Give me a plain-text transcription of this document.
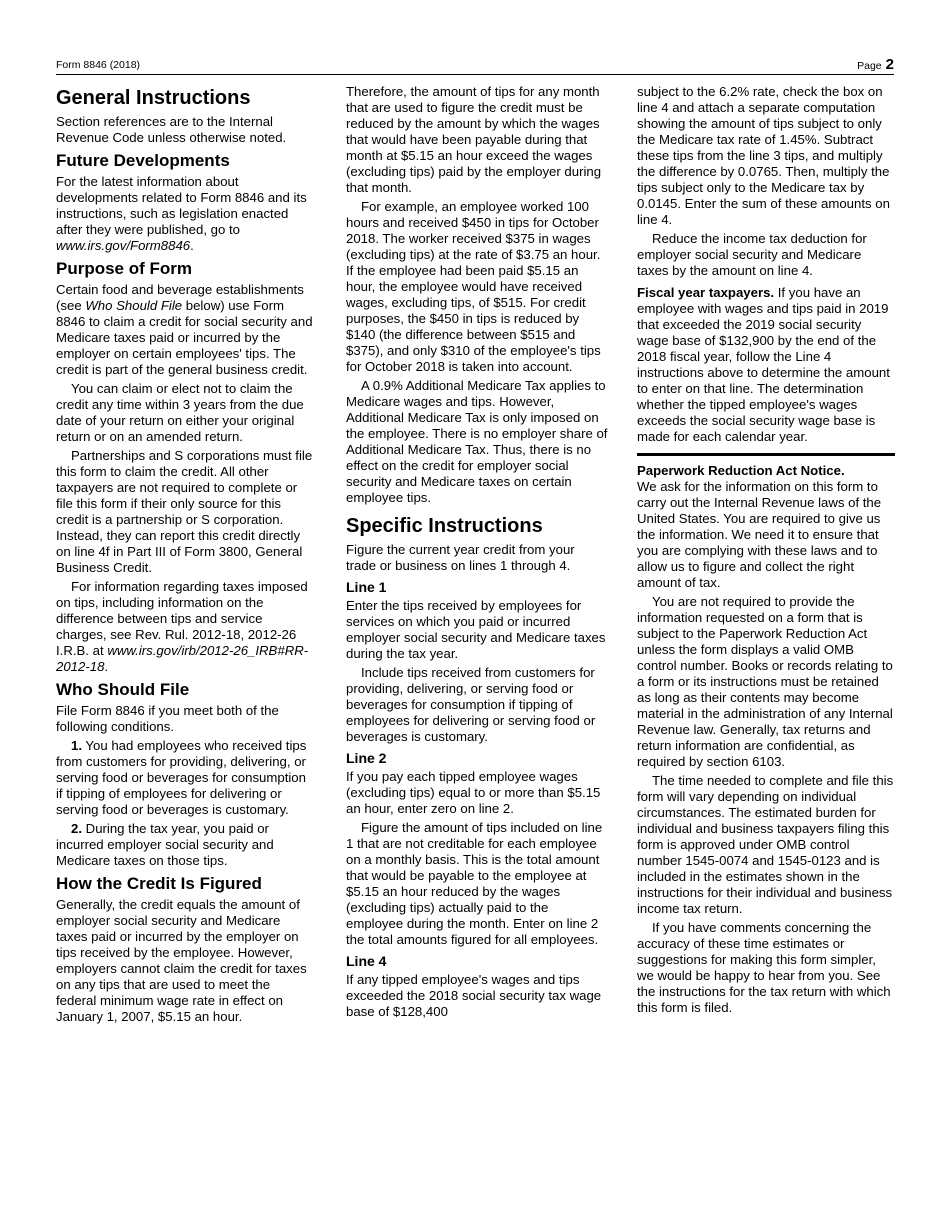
Form 8846 (2018)	Page 2
General Instructions

Section references are to the Internal Revenue Code unless otherwise noted.

Future Developments

For the latest information about developments related to Form 8846 and its instructions, such as legislation enacted after they were published, go to www.irs.gov/Form8846.

Purpose of Form

Certain food and beverage establishments (see Who Should File below) use Form 8846 to claim a credit for social security and Medicare taxes paid or incurred by the employer on certain employees' tips. The credit is part of the general business credit.

You can claim or elect not to claim the credit any time within 3 years from the due date of your return on either your original return or on an amended return.

Partnerships and S corporations must file this form to claim the credit. All other taxpayers are not required to complete or file this form if their only source for this credit is a partnership or S corporation. Instead, they can report this credit directly on line 4f in Part III of Form 3800, General Business Credit.

For information regarding taxes imposed on tips, including information on the difference between tips and service charges, see Rev. Rul. 2012-18, 2012-26 I.R.B. at www.irs.gov/irb/2012-26_IRB#RR-2012-18.

Who Should File

File Form 8846 if you meet both of the following conditions.

1. You had employees who received tips from customers for providing, delivering, or serving food or beverages for consumption if tipping of employees for delivering or serving food or beverages is customary.

2. During the tax year, you paid or incurred employer social security and Medicare taxes on those tips.

How the Credit Is Figured

Generally, the credit equals the amount of employer social security and Medicare taxes paid or incurred by the employer on tips received by the employee. However, employers cannot claim the credit for taxes on any tips that are used to meet the federal minimum wage rate in effect on January 1, 2007, $5.15 an hour.

Therefore, the amount of tips for any month that are used to figure the credit must be reduced by the amount by which the wages that would have been payable during that month at $5.15 an hour exceed the wages (excluding tips) paid by the employer during that month.

For example, an employee worked 100 hours and received $450 in tips for October 2018. The worker received $375 in wages (excluding tips) at the rate of $3.75 an hour. If the employee had been paid $5.15 an hour, the employee would have received wages, excluding tips, of $515. For credit purposes, the $450 in tips is reduced by $140 (the difference between $515 and $375), and only $310 of the employee's tips for October 2018 is taken into account.

A 0.9% Additional Medicare Tax applies to Medicare wages and tips. However, Additional Medicare Tax is only imposed on the employee. There is no employer share of Additional Medicare Tax. Thus, there is no effect on the credit for employer social security and Medicare taxes on certain employee tips.

Specific Instructions

Figure the current year credit from your trade or business on lines 1 through 4.

Line 1

Enter the tips received by employees for services on which you paid or incurred employer social security and Medicare taxes during the tax year.

Include tips received from customers for providing, delivering, or serving food or beverages for consumption if tipping of employees for delivering or serving food or beverages is customary.

Line 2

If you pay each tipped employee wages (excluding tips) equal to or more than $5.15 an hour, enter zero on line 2.

Figure the amount of tips included on line 1 that are not creditable for each employee on a monthly basis. This is the total amount that would be payable to the employee at $5.15 an hour reduced by the wages (excluding tips) actually paid to the employee during the month. Enter on line 2 the total amounts figured for all employees.

Line 4

If any tipped employee's wages and tips exceeded the 2018 social security tax wage base of $128,400

subject to the 6.2% rate, check the box on line 4 and attach a separate computation showing the amount of tips subject to only the Medicare tax rate of 1.45%. Subtract these tips from the line 3 tips, and multiply the difference by 0.0765. Then, multiply the tips subject only to the Medicare tax by 0.0145. Enter the sum of these amounts on line 4.

Reduce the income tax deduction for employer social security and Medicare taxes by the amount on line 4.

Fiscal year taxpayers. If you have an employee with wages and tips paid in 2019 that exceeded the 2019 social security wage base of $132,900 by the end of the 2018 fiscal year, follow the Line 4 instructions above to determine the amount to enter on that line. The determination whether the tipped employee's wages exceeds the social security wage base is made for each calendar year.

Paperwork Reduction Act Notice.

We ask for the information on this form to carry out the Internal Revenue laws of the United States. You are required to give us the information. We need it to ensure that you are complying with these laws and to allow us to figure and collect the right amount of tax.

You are not required to provide the information requested on a form that is subject to the Paperwork Reduction Act unless the form displays a valid OMB control number. Books or records relating to a form or its instructions must be retained as long as their contents may become material in the administration of any Internal Revenue law. Generally, tax returns and return information are confidential, as required by section 6103.

The time needed to complete and file this form will vary depending on individual circumstances. The estimated burden for individual and business taxpayers filing this form is approved under OMB control number 1545-0074 and 1545-0123 and is included in the estimates shown in the instructions for their individual and business income tax return.

If you have comments concerning the accuracy of these time estimates or suggestions for making this form simpler, we would be happy to hear from you. See the instructions for the tax return with which this form is filed.
